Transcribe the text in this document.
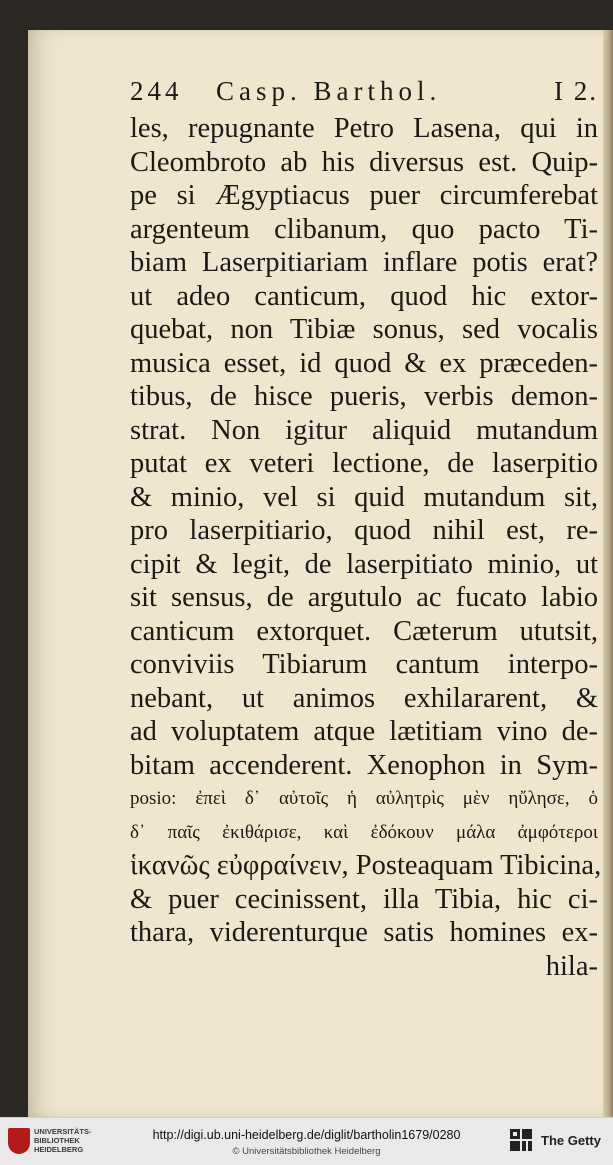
244 Casp. Barthol.	I 2.
les, repugnante Petro Lasena, qui in
Cleombroto ab his diversus est. Quip-
pe si Ægyptiacus puer circumferebat
argenteum clibanum, quo pacto Ti-
biam Laserpitiariam inflare potis erat?
ut adeo canticum, quod hic extor-
quebat, non Tibiæ sonus, sed vocalis
musica esset, id quod & ex præceden-
tibus, de hisce pueris, verbis demon-
strat. Non igitur aliquid mutandum
putat ex veteri lectione, de laserpitio
& minio, vel si quid mutandum sit,
pro laserpitiario, quod nihil est, re-
cipit & legit, de laserpitiato minio, ut
sit sensus, de argutulo ac fucato labio
canticum extorquet. Cæterum ututsit,
conviviis Tibiarum cantum interpo-
nebant, ut animos exhilararent, &
ad voluptatem atque lætitiam vino de-
bitam accenderent. Xenophon in Sym-
posio: ἐπεὶ δ᾽ αὐτοῖς ἡ αὐλητρὶς μὲν ηὔλησε, ὁ
δ᾽ παῖς ἐκιθάρισε, καὶ ἐδόκουν μάλα ἀμφότεροι
ἱκανῶς εὐφραίνειν, Posteaquam Tibicina,
& puer cecinissent, illa Tibia, hic ci-
thara, viderenturque satis homines ex-
hila-
UNIVERSITÄTS-
BIBLIOTHEK
HEIDELBERG
http://digi.ub.uni-heidelberg.de/diglit/bartholin1679/0280
© Universitätsbibliothek Heidelberg
The Getty
